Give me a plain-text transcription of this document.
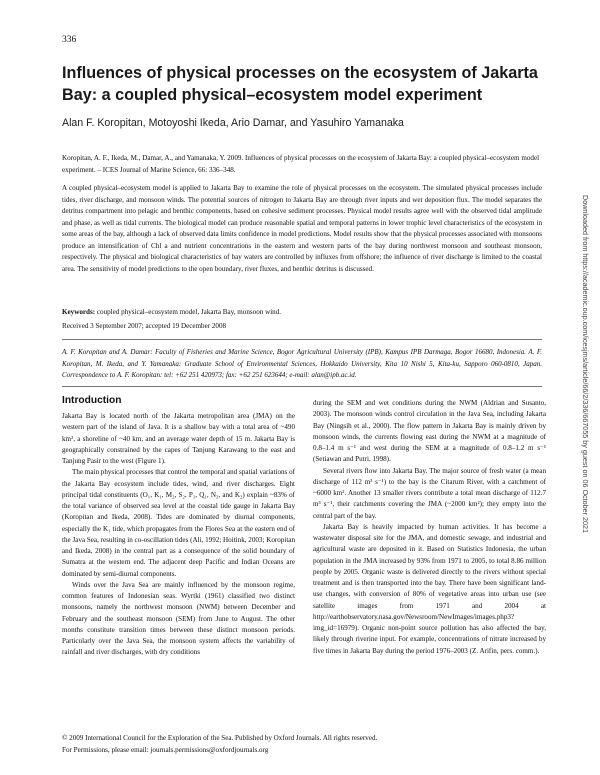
336
Influences of physical processes on the ecosystem of Jakarta Bay: a coupled physical–ecosystem model experiment
Alan F. Koropitan, Motoyoshi Ikeda, Ario Damar, and Yasuhiro Yamanaka
Koropitan, A. F., Ikeda, M., Damar, A., and Yamanaka, Y. 2009. Influences of physical processes on the ecosystem of Jakarta Bay: a coupled physical–ecosystem model experiment. – ICES Journal of Marine Science, 66: 336–348.
A coupled physical–ecosystem model is applied to Jakarta Bay to examine the role of physical processes on the ecosystem. The simulated physical processes include tides, river discharge, and monsoon winds. The potential sources of nitrogen to Jakarta Bay are through river inputs and wet deposition flux. The model separates the detritus compartment into pelagic and benthic components, based on cohesive sediment processes. Physical model results agree well with the observed tidal amplitude and phase, as well as tidal currents. The biological model can produce reasonable spatial and temporal patterns in lower trophic level characteristics of the ecosystem in some areas of the bay, although a lack of observed data limits confidence in model predictions. Model results show that the physical processes associated with monsoons produce an intensification of Chl a and nutrient concentrations in the eastern and western parts of the bay during northwest monsoon and southeast monsoon, respectively. The physical and biological characteristics of bay waters are controlled by influxes from offshore; the influence of river discharge is limited to the coastal area. The sensitivity of model predictions to the open boundary, river fluxes, and benthic detritus is discussed.
Keywords: coupled physical–ecosystem model, Jakarta Bay, monsoon wind.
Received 3 September 2007; accepted 19 December 2008
A. F. Koropitan and A. Damar: Faculty of Fisheries and Marine Science, Bogor Agricultural University (IPB), Kampus IPB Darmaga, Bogor 16680, Indonesia. A. F. Koropitan, M. Ikeda, and Y. Yamanaka: Graduate School of Environmental Sciences, Hokkaido University, Kita 10 Nishi 5, Kita-ku, Sapporo 060-0810, Japan. Correspondence to A. F. Koropitan: tel: +62 251 420973; fax: +62 251 623644; e-mail: alan@ipb.ac.id.
Introduction

Jakarta Bay is located north of the Jakarta metropolitan area (JMA) on the western part of the island of Java. It is a shallow bay with a total area of ~490 km², a shoreline of ~40 km, and an average water depth of 15 m. Jakarta Bay is geographically constrained by the capes of Tanjung Karawang to the east and Tanjung Pasir to the west (Figure 1).

The main physical processes that control the temporal and spatial variations of the Jakarta Bay ecosystem include tides, wind, and river discharges. Eight principal tidal constituents (O₁, K₁, M₂, S₂, P₁, Q₁, N₂, and K₂) explain ~83% of the total variance of observed sea level at the coastal tide gauge in Jakarta Bay (Koropitan and Ikeda, 2008). Tides are dominated by diurnal components, especially the K₁ tide, which propagates from the Flores Sea at the eastern end of the Java Sea, resulting in co-oscillation tides (Ali, 1992; Hoitink, 2003; Koropitan and Ikeda, 2008) in the central part as a consequence of the solid boundary of Sumatra at the western end. The adjacent deep Pacific and Indian Oceans are dominated by semi-diurnal components.

Winds over the Java Sea are mainly influenced by the monsoon regime, common features of Indonesian seas. Wyrtki (1961) classified two distinct monsoons, namely the northwest monsoon (NWM) between December and February and the southeast monsoon (SEM) from June to August. The other months constitute transition times between these distinct monsoon periods. Particularly over the Java Sea, the monsoon system affects the variability of rainfall and river discharges, with dry conditions

during the SEM and wet conditions during the NWM (Aldrian and Susanto, 2003). The monsoon winds control circulation in the Java Sea, including Jakarta Bay (Ningsih et al., 2000). The flow pattern in Jakarta Bay is mainly driven by monsoon winds, the currents flowing east during the NWM at a magnitude of 0.8–1.4 m s⁻¹ and west during the SEM at a magnitude of 0.8–1.2 m s⁻¹ (Setiawan and Putri, 1998).

Several rivers flow into Jakarta Bay. The major source of fresh water (a mean discharge of 112 m³ s⁻¹) to the bay is the Citarum River, with a catchment of ~6000 km². Another 13 smaller rivers contribute a total mean discharge of 112.7 m³ s⁻¹, their catchments covering the JMA (~2000 km²); they empty into the central part of the bay.

Jakarta Bay is heavily impacted by human activities. It has become a wastewater disposal site for the JMA, and domestic sewage, and industrial and agricultural waste are deposited in it. Based on Statistics Indonesia, the urban population in the JMA increased by 93% from 1971 to 2005, to total 8.86 million people by 2005. Organic waste is delivered directly to the rivers without special treatment and is then transported into the bay. There have been significant land-use changes, with conversion of 80% of vegetative areas into urban use (see satellite images from 1971 and 2004 at http://earthobservatory.nasa.gov/Newsroom/NewImages/images.php3?img_id=16979). Organic non-point source pollution has also affected the bay, likely through riverine input. For example, concentrations of nitrate increased by five times in Jakarta Bay during the period 1976–2003 (Z. Arifin, pers. comm.).

© 2009 International Council for the Exploration of the Sea. Published by Oxford Journals. All rights reserved.
For Permissions, please email: journals.permissions@oxfordjournals.org
Downloaded from https://academic.oup.com/icesjms/article/66/2/336/667055 by guest on 06 October 2021
